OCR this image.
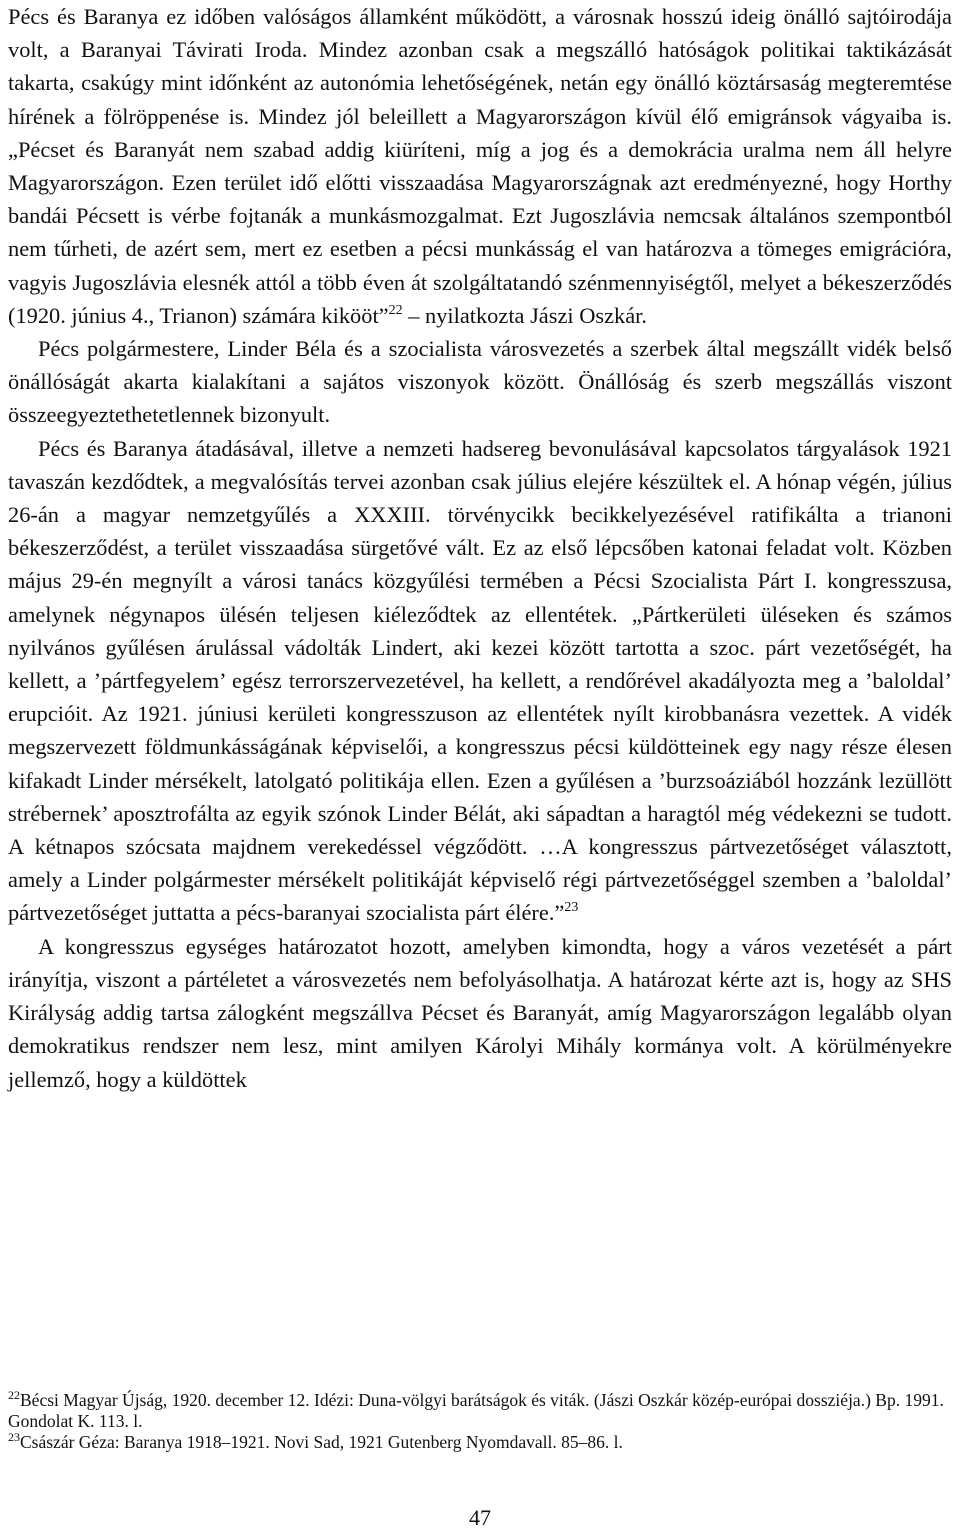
Pécs és Baranya ez időben valóságos államként működött, a városnak hosszú ideig önálló sajtóirodája volt, a Baranyai Távirati Iroda. Mindez azonban csak a megszálló hatóságok politikai taktikázását takarta, csakúgy mint időnként az autonómia lehetőségének, netán egy önálló köztársaság megteremtése hírének a fölröppenése is. Mindez jól beleillett a Magyarországon kívül élő emigránsok vágyaiba is. „Pécset és Baranyát nem szabad addig kiüríteni, míg a jog és a demokrácia uralma nem áll helyre Magyarországon. Ezen terület idő előtti visszaadása Magyarországnak azt eredményezné, hogy Horthy bandái Pécsett is vérbe fojtanák a munkásmozgalmat. Ezt Jugoszlávia nemcsak általános szempontból nem tűrheti, de azért sem, mert ez esetben a pécsi munkásság el van határozva a tömeges emigrációra, vagyis Jugoszlávia elesnék attól a több éven át szolgáltatandó szénmennyiségtől, melyet a békeszerződés (1920. június 4., Trianon) számára kikööt”$^{22}$ – nyilatkozta Jászi Oszkár.

Pécs polgármestere, Linder Béla és a szocialista városvezetés a szerbek által megszállt vidék belső önállóságát akarta kialakítani a sajátos viszonyok között. Önállóság és szerb megszállás viszont összeegyeztethetetlennek bizonyult.

Pécs és Baranya átadásával, illetve a nemzeti hadsereg bevonulásával kapcsolatos tárgyalások 1921 tavaszán kezdődtek, a megvalósítás tervei azonban csak július elejére készültek el. A hónap végén, július 26-án a magyar nemzetgyűlés a XXXIII. törvénycikk becikkelyezésével ratifikálta a trianoni békeszerződést, a terület visszaadása sürgetővé vált. Ez az első lépcsőben katonai feladat volt. Közben május 29-én megnyílt a városi tanács közgyűlési termében a Pécsi Szocialista Párt I. kongresszusa, amelynek négynapos ülésén teljesen kiéleződtek az ellentétek. „Pártkerületi üléseken és számos nyilvános gyűlésen árulással vádolták Lindert, aki kezei között tartotta a szoc. párt vezetőségét, ha kellett, a ’pártfegyelem’ egész terrorszervezetével, ha kellett, a rendőrével akadályozta meg a ’baloldal’ erupcióit. Az 1921. júniusi kerületi kongresszuson az ellentétek nyílt kirobbanásra vezettek. A vidék megszervezett földmunkásságának képviselői, a kongresszus pécsi küldötteinek egy nagy része élesen kifakadt Linder mérsékelt, latolgató politikája ellen. Ezen a gyűlésen a ’burzsoáziából hozzánk lezüllött strébernek’ aposztrofálta az egyik szónok Linder Bélát, aki sápadtan a haragtól még védekezni se tudott. A kétnapos szócsata majdnem verekedéssel végződött. …A kongresszus pártvezetőséget választott, amely a Linder polgármester mérsékelt politikáját képviselő régi pártvezetőséggel szemben a ’baloldal’ pártvezetőséget juttatta a pécs-baranyai szocialista párt élére.”$^{23}$

A kongresszus egységes határozatot hozott, amelyben kimondta, hogy a város vezetését a párt irányítja, viszont a pártéletet a városvezetés nem befolyásolhatja. A határozat kérte azt is, hogy az SHS Királyság addig tartsa zálogként megszállva Pécset és Baranyát, amíg Magyarországon legalább olyan demokratikus rendszer nem lesz, mint amilyen Károlyi Mihály kormánya volt. A körülményekre jellemző, hogy a küldöttek

$^{22}$Bécsi Magyar Újság, 1920. december 12. Idézi: Duna-völgyi barátságok és viták. (Jászi Oszkár közép-európai dossziéja.) Bp. 1991. Gondolat K. 113. l.

$^{23}$Császár Géza: Baranya 1918–1921. Novi Sad, 1921 Gutenberg Nyomdavall. 85–86. l.

47
